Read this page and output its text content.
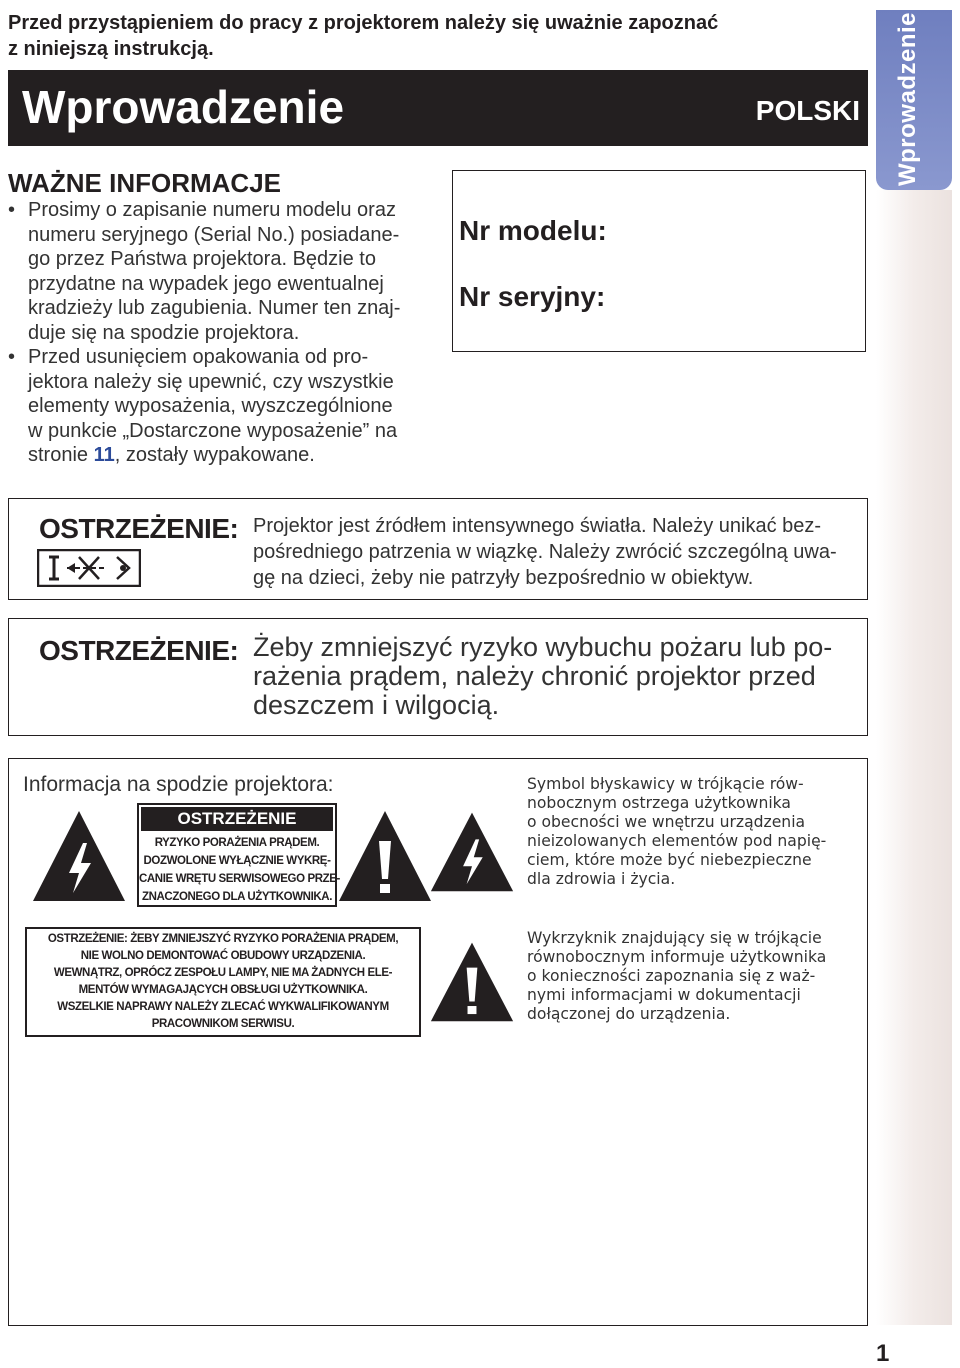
Przed przystąpieniem do pracy z projektorem należy się uważnie zapoznać
z niniejszą instrukcją.
Wprowadzenie	POLSKI Wprowadzenie
WAŻNE INFORMACJE
• Prosimy o zapisanie numeru modelu oraz
numeru seryjnego (Serial No.) posiadane-
go przez Państwa projektora. Będzie to
przydatne na wypadek jego ewentualnej
kradzieży lub zagubienia. Numer ten znaj-
duje się na spodzie projektora.
• Przed usunięciem opakowania od pro-
jektora należy się upewnić, czy wszystkie
elementy wyposażenia, wyszczególnione
w punkcie „Dostarczone wyposażenie” na
stronie 11, zostały wypakowane.
Nr modelu:
Nr seryjny:
OSTRZEŻENIE: Projektor jest źródłem intensywnego światła. Należy unikać bez-
pośredniego patrzenia w wiązkę. Należy zwrócić szczególną uwa-
gę na dzieci, żeby nie patrzyły bezpośrednio w obiektyw.
OSTRZEŻENIE: Żeby zmniejszyć ryzyko wybuchu pożaru lub po-
rażenia prądem, należy chronić projektor przed
deszczem i wilgocią.
Informacja na spodzie projektora:
OSTRZEŻENIE
RYZYKO PORAŻENIA PRĄDEM.
DOZWOLONE WYŁĄCZNIE WYKRĘ-
CANIE WRĘTU SERWISOWEGO PRZE-
ZNACZONEGO DLA UŻYTKOWNIKA.
OSTRZEŻENIE: ŻEBY ZMNIEJSZYĆ RYZYKO PORAŻENIA PRĄDEM,
NIE WOLNO DEMONTOWAĆ OBUDOWY URZĄDZENIA.
WEWNĄTRZ, OPRÓCZ ZESPOŁU LAMPY, NIE MA ŻADNYCH ELE-
MENTÓW WYMAGAJĄCYCH OBSŁUGI UŻYTKOWNIKA.
WSZELKIE NAPRAWY NALEŻY ZLECAĆ WYKWALIFIKOWANYM
PRACOWNIKOM SERWISU.
Symbol błyskawicy w trójkącie rów-
nobocznym ostrzega użytkownika
o obecności we wnętrzu urządzenia
nieizolowanych elementów pod napię-
ciem, które może być niebezpieczne
dla zdrowia i życia.
Wykrzyknik znajdujący się w trójkącie
równobocznym informuje użytkownika
o konieczności zapoznania się z waż-
nymi informacjami w dokumentacji
dołączonej do urządzenia.
1
